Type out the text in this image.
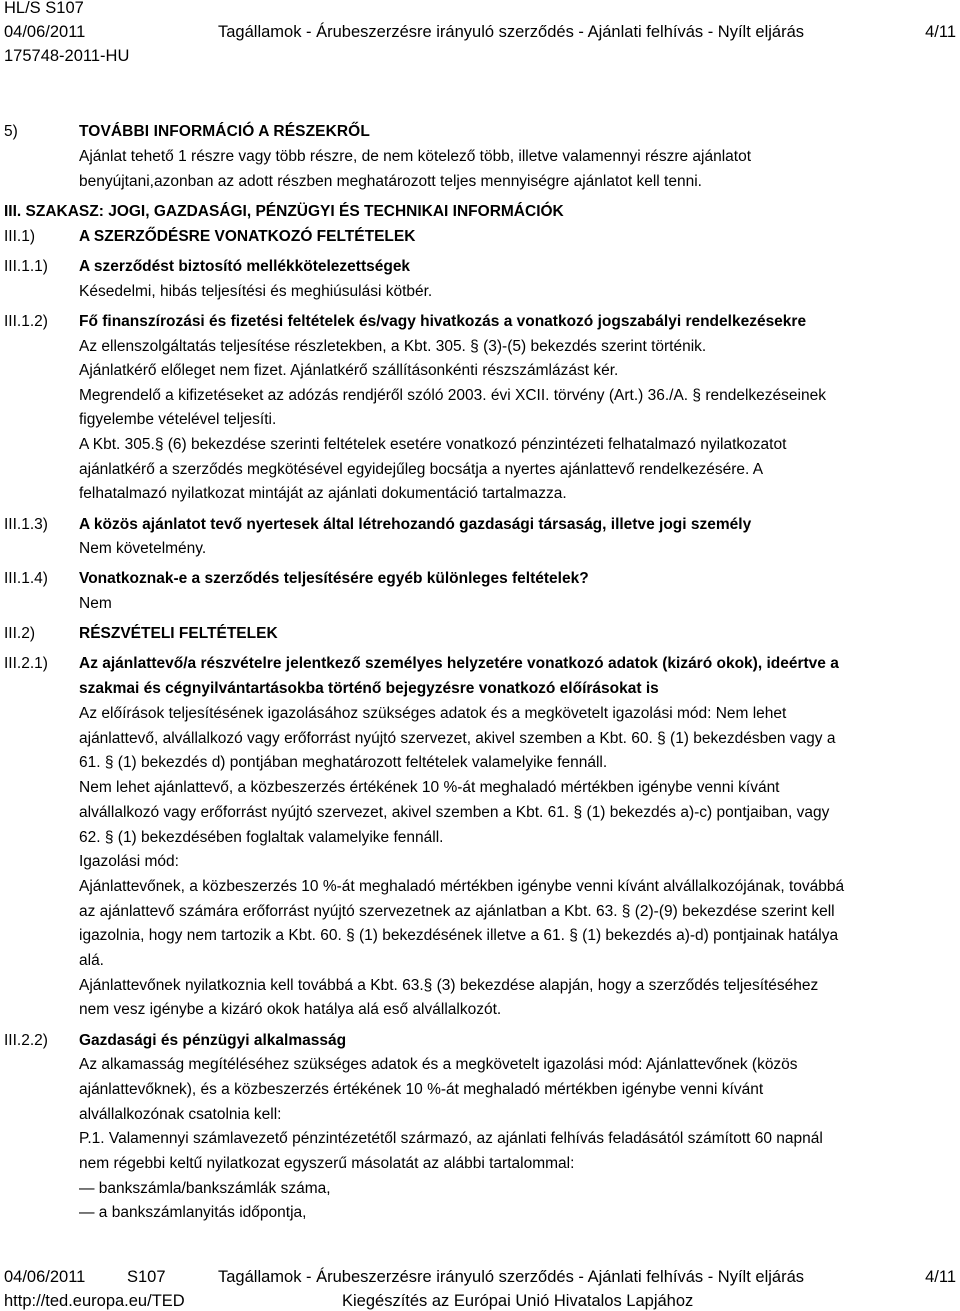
HL/S S107
04/06/2011	Tagállamok - Árubeszerzésre irányuló szerződés - Ajánlati felhívás - Nyílt eljárás	4/11
175748-2011-HU
5)	TOVÁBBI INFORMÁCIÓ A RÉSZEKRŐL
Ajánlat tehető 1 részre vagy több részre, de nem kötelező több, illetve valamennyi részre ajánlatot
benyújtani,azonban az adott részben meghatározott teljes mennyiségre ajánlatot kell tenni.
III. SZAKASZ: JOGI, GAZDASÁGI, PÉNZÜGYI ÉS TECHNIKAI INFORMÁCIÓK
III.1)	A SZERZŐDÉSRE VONATKOZÓ FELTÉTELEK
III.1.1) A szerződést biztosító mellékkötelezettségek
Késedelmi, hibás teljesítési és meghiúsulási kötbér.
III.1.2) Fő finanszírozási és fizetési feltételek és/vagy hivatkozás a vonatkozó jogszabályi rendelkezésekre
Az ellenszolgáltatás teljesítése részletekben, a Kbt. 305. § (3)-(5) bekezdés szerint történik.
Ajánlatkérő előleget nem fizet. Ajánlatkérő szállításonkénti részszámlázást kér.
Megrendelő a kifizetéseket az adózás rendjéről szóló 2003. évi XCII. törvény (Art.) 36./A. § rendelkezéseinek
figyelembe vételével teljesíti.
A Kbt. 305.§ (6) bekezdése szerinti feltételek esetére vonatkozó pénzintézeti felhatalmazó nyilatkozatot
ajánlatkérő a szerződés megkötésével egyidejűleg bocsátja a nyertes ajánlattevő rendelkezésére. A
felhatalmazó nyilatkozat mintáját az ajánlati dokumentáció tartalmazza.
III.1.3) A közös ajánlatot tevő nyertesek által létrehozandó gazdasági társaság, illetve jogi személy
Nem követelmény.
III.1.4) Vonatkoznak-e a szerződés teljesítésére egyéb különleges feltételek?
Nem
III.2)	RÉSZVÉTELI FELTÉTELEK
III.2.1) Az ajánlattevő/a részvételre jelentkező személyes helyzetére vonatkozó adatok (kizáró okok), ideértve a
szakmai és cégnyilvántartásokba történő bejegyzésre vonatkozó előírásokat is
Az előírások teljesítésének igazolásához szükséges adatok és a megkövetelt igazolási mód: Nem lehet
ajánlattevő, alvállalkozó vagy erőforrást nyújtó szervezet, akivel szemben a Kbt. 60. § (1) bekezdésben vagy a
61. § (1) bekezdés d) pontjában meghatározott feltételek valamelyike fennáll.
Nem lehet ajánlattevő, a közbeszerzés értékének 10 %-át meghaladó mértékben igénybe venni kívánt
alvállalkozó vagy erőforrást nyújtó szervezet, akivel szemben a Kbt. 61. § (1) bekezdés a)-c) pontjaiban, vagy
62. § (1) bekezdésében foglaltak valamelyike fennáll.
Igazolási mód:
Ajánlattevőnek, a közbeszerzés 10 %-át meghaladó mértékben igénybe venni kívánt alvállalkozójának, továbbá
az ajánlattevő számára erőforrást nyújtó szervezetnek az ajánlatban a Kbt. 63. § (2)-(9) bekezdése szerint kell
igazolnia, hogy nem tartozik a Kbt. 60. § (1) bekezdésének illetve a 61. § (1) bekezdés a)-d) pontjainak hatálya
alá.
Ajánlattevőnek nyilatkoznia kell továbbá a Kbt. 63.§ (3) bekezdése alapján, hogy a szerződés teljesítéséhez
nem vesz igénybe a kizáró okok hatálya alá eső alvállalkozót.
III.2.2) Gazdasági és pénzügyi alkalmasság
Az alkamasság megítéléséhez szükséges adatok és a megkövetelt igazolási mód: Ajánlattevőnek (közös
ajánlattevőknek), és a közbeszerzés értékének 10 %-át meghaladó mértékben igénybe venni kívánt
alvállalkozónak csatolnia kell:
P.1. Valamennyi számlavezető pénzintézetétől származó, az ajánlati felhívás feladásától számított 60 napnál
nem régebbi keltű nyilatkozat egyszerű másolatát az alábbi tartalommal:
— bankszámla/bankszámlák száma,
— a bankszámlanyitás időpontja,
04/06/2011	S107	Tagállamok - Árubeszerzésre irányuló szerződés - Ajánlati felhívás - Nyílt eljárás	4/11
http://ted.europa.eu/TED	Kiegészítés az Európai Unió Hivatalos Lapjához
